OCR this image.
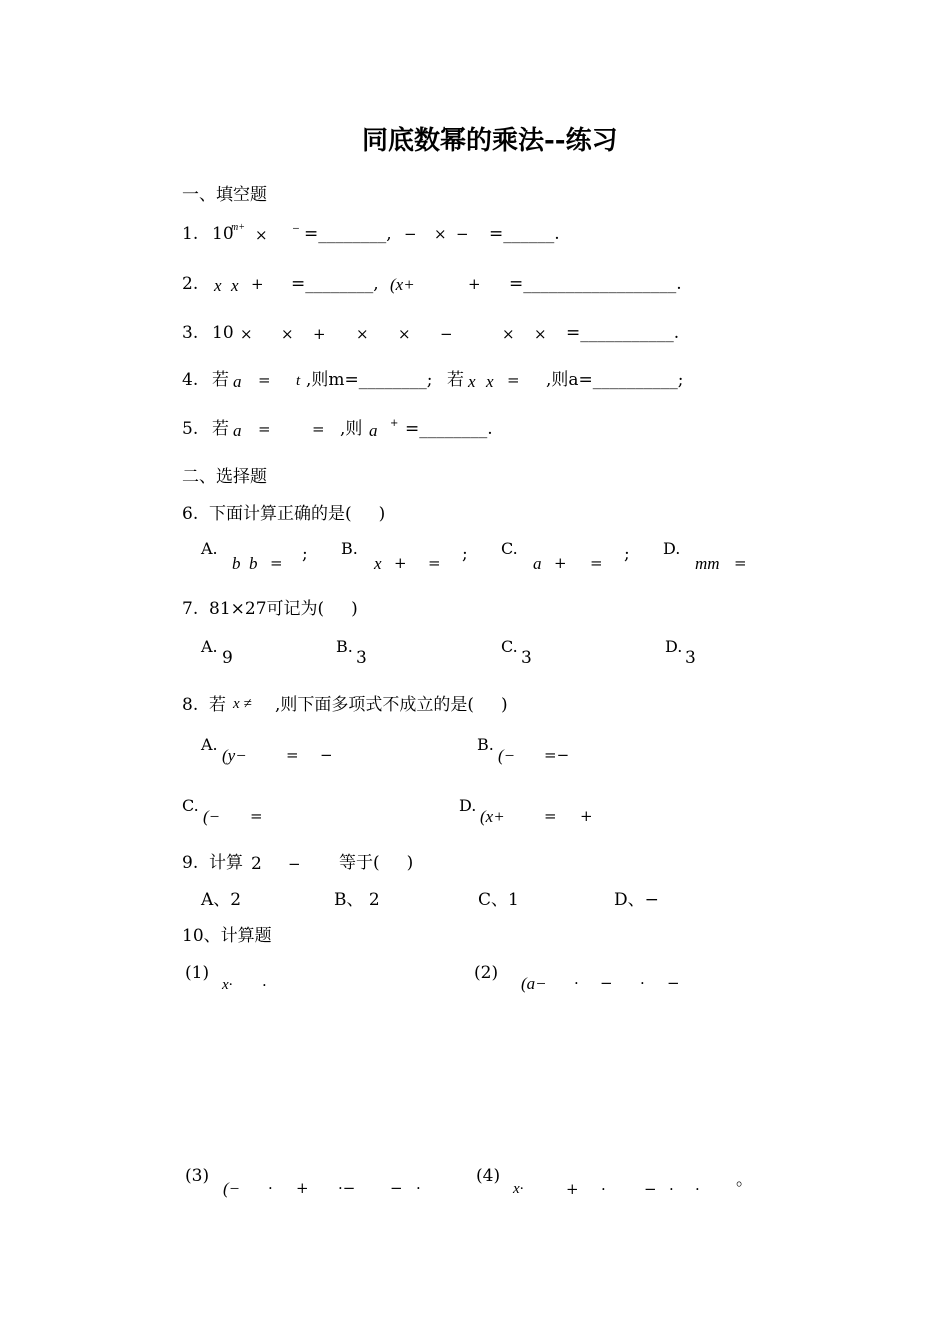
同底数幂的乘法--练习
一、填空题
1. 10
m+ × ⁻ =________, − × − =______.
2. x x + =________, (x+	+ =__________________.
3. 10 × × + × × −	× × =___________.
4. 若 a = t ,则m=________; 若 x x = ,则a=__________;
5. 若 a =	= ,则 a + =________.
二、选择题
6.  下面计算正确的是(     )
A.
b b = ; B.
x + = ; C.
a + = ; D.
mm =
7.  81×27可记为(     )
A.
9
B.
3
C.
3
D.
3
8.  若 x ≠ ,则下面多项式不成立的是(     )
A.
(y−	= −
B.
(− =−
C.
(− =
D.
(x+	= +
9.  计算 2 − 等于(     )
A、2	B、 2	C、1	D、−
10、计算题
(1)
x· ·
(2)
(a− · − · −
(3)
(− · + ·− − ·
(4)
x·	+ ·	− · · 。
